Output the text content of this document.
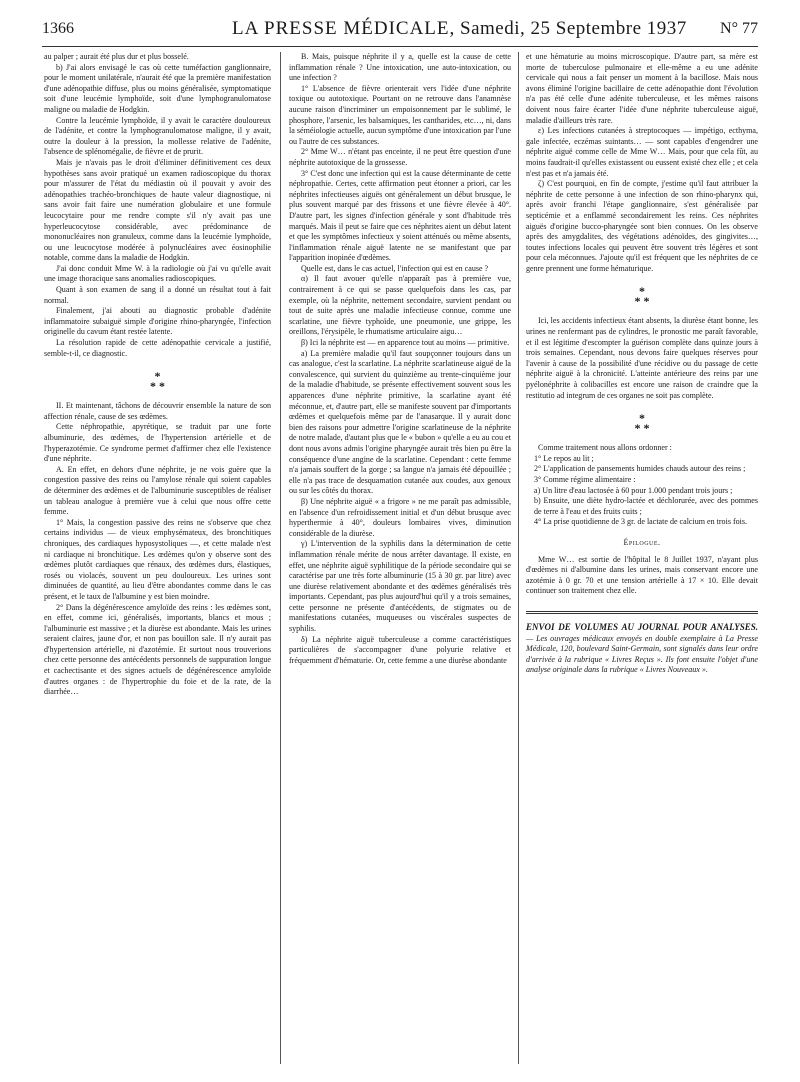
1366	LA PRESSE MÉDICALE, Samedi, 25 Septembre 1937 N° 77

au palper ; aurait été plus dur et plus bosselé.

b) J'ai alors envisagé le cas où cette tuméfaction ganglionnaire, pour le moment unilatérale, n'aurait été que la première manifestation d'une adénopathie diffuse, plus ou moins généralisée, symptomatique soit d'une leucémie lymphoïde, soit d'une lymphogranulomatose maligne ou maladie de Hodgkin.

Contre la leucémie lymphoïde, il y avait le caractère douloureux de l'adénite, et contre la lymphogranulomatose maligne, il y avait, outre la douleur à la pression, la mollesse relative de l'adénite, l'absence de splénomégalie, de fièvre et de prurit.

Mais je n'avais pas le droit d'éliminer définitivement ces deux hypothèses sans avoir pratiqué un examen radioscopique du thorax pour m'assurer de l'état du médiastin où il pouvait y avoir des adénopathies trachéo-bronchiques de haute valeur diagnostique, ni sans avoir fait faire une numération globulaire et une formule leucocytaire pour me rendre compte s'il n'y avait pas une hyperleucocytose considérable, avec prédominance de mononucléaires non granuleux, comme dans la leucémie lymphoïde, ou une leucocytose modérée à polynucléaires avec éosinophilie notable, comme dans la maladie de Hodgkin.

J'ai donc conduit Mme W. à la radiologie où j'ai vu qu'elle avait une image thoracique sans anomalies radioscopiques.

Quant à son examen de sang il a donné un résultat tout à fait normal.

Finalement, j'ai abouti au diagnostic probable d'adénite inflammatoire subaiguë simple d'origine rhino-pharyngée, l'infection originelle du cavum étant restée latente.

La résolution rapide de cette adénopathie cervicale a justifié, semble-t-il, ce diagnostic.

*
* *

II. Et maintenant, tâchons de découvrir ensemble la nature de son affection rénale, cause de ses œdèmes.

Cette néphropathie, apyrétique, se traduit par une forte albuminurie, des œdèmes, de l'hypertension artérielle et de l'hyperazotémie. Ce syndrome permet d'affirmer chez elle l'existence d'une néphrite.

A. En effet, en dehors d'une néphrite, je ne vois guère que la congestion passive des reins ou l'amylose rénale qui soient capables de déterminer des œdèmes et de l'albuminurie susceptibles de réaliser un tableau analogue à première vue à celui que nous offre cette femme.

1° Mais, la congestion passive des reins ne s'observe que chez certains individus — de vieux emphysémateux, des bronchitiques chroniques, des cardiaques hyposystoliques —, et cette malade n'est ni cardiaque ni bronchitique. Les œdèmes qu'on y observe sont des œdèmes plutôt cardiaques que rénaux, des œdèmes durs, élastiques, rosés ou violacés, souvent un peu douloureux. Les urines sont diminuées de quantité, au lieu d'être abondantes comme dans le cas présent, et le taux de l'albumine y est bien moindre.

2° Dans la dégénérescence amyloïde des reins : les œdèmes sont, en effet, comme ici, généralisés, importants, blancs et mous ; l'albuminurie est massive ; et la diurèse est abondante. Mais les urines seraient claires, jaune d'or, et non pas bouillon sale. Il n'y aurait pas d'hypertension artérielle, ni d'azotémie. Et surtout nous trouverions chez cette personne des antécédents personnels de suppuration longue et cachectisante et des signes actuels de dégénérescence amyloïde d'autres organes : de l'hypertrophie du foie et de la rate, de la diarrhée…

B. Mais, puisque néphrite il y a, quelle est la cause de cette inflammation rénale ? Une intoxication, une auto-intoxication, ou une infection ?

1° L'absence de fièvre orienterait vers l'idée d'une néphrite toxique ou autotoxique. Pourtant on ne retrouve dans l'anamnèse aucune raison d'incriminer un empoisonnement par le sublimé, le phosphore, l'arsenic, les balsamiques, les cantharides, etc…, ni, dans la séméiologie actuelle, aucun symptôme d'une intoxication par l'une ou l'autre de ces substances.

2° Mme W… n'étant pas enceinte, il ne peut être question d'une néphrite autotoxique de la grossesse.

3° C'est donc une infection qui est la cause déterminante de cette néphropathie. Certes, cette affirmation peut étonner a priori, car les néphrites infectieuses aiguës ont généralement un début brusque, le plus souvent marqué par des frissons et une fièvre élevée à 40°. D'autre part, les signes d'infection générale y sont d'habitude très marqués. Mais il peut se faire que ces néphrites aient un début latent et que les symptômes infectieux y soient atténués ou même absents, l'inflammation rénale aiguë latente ne se manifestant que par l'apparition inopinée d'œdèmes.

Quelle est, dans le cas actuel, l'infection qui est en cause ?

α) Il faut avouer qu'elle n'apparaît pas à première vue, contrairement à ce qui se passe quelquefois dans les cas, par exemple, où la néphrite, nettement secondaire, survient pendant ou tout de suite après une maladie infectieuse connue, comme une scarlatine, une fièvre typhoïde, une pneumonie, une grippe, les oreillons, l'érysipèle, le rhumatisme articulaire aigu…

β) Ici la néphrite est — en apparence tout au moins — primitive.

a) La première maladie qu'il faut soupçonner toujours dans un cas analogue, c'est la scarlatine. La néphrite scarlatineuse aiguë de la convalescence, qui survient du quinzième au trente-cinquième jour de la maladie d'habitude, se présente effectivement souvent sous les apparences d'une néphrite primitive, la scarlatine ayant été méconnue, et, d'autre part, elle se manifeste souvent par d'importants œdèmes et quelquefois même par de l'anasarque. Il y aurait donc bien des raisons pour admettre l'origine scarlatineuse de la néphrite de notre malade, d'autant plus que le « bubon » qu'elle a eu au cou et dont nous avons admis l'origine pharyngée aurait très bien pu être la conséquence d'une angine de la scarlatine. Cependant : cette femme n'a jamais souffert de la gorge ; sa langue n'a jamais été dépouillée ; elle n'a pas trace de desquamation cutanée aux coudes, aux genoux ou sur les côtés du thorax.

β) Une néphrite aiguë « a frigore » ne me paraît pas admissible, en l'absence d'un refroidissement initial et d'un début brusque avec hyperthermie à 40°, douleurs lombaires vives, diminution considérable de la diurèse.

γ) L'intervention de la syphilis dans la détermination de cette inflammation rénale mérite de nous arrêter davantage. Il existe, en effet, une néphrite aiguë syphilitique de la période secondaire qui se caractérise par une très forte albuminurie (15 à 30 gr. par litre) avec une diurèse relativement abondante et des œdèmes généralisés très importants. Cependant, pas plus aujourd'hui qu'il y a trois semaines, cette personne ne présente d'antécédents, de stigmates ou de manifestations cutanées, muqueuses ou viscérales suspectes de syphilis.

δ) La néphrite aiguë tuberculeuse a comme caractéristiques particulières de s'accompagner d'une polyurie relative et fréquemment d'hématurie. Or, cette femme a une diurèse abondante

et une hématurie au moins microscopique. D'autre part, sa mère est morte de tuberculose pulmonaire et elle-même a eu une adénite cervicale qui nous a fait penser un moment à la bacillose. Mais nous avons éliminé l'origine bacillaire de cette adénopathie dont l'évolution n'a pas été celle d'une adénite tuberculeuse, et les mêmes raisons doivent nous faire écarter l'idée d'une néphrite tuberculeuse aiguë, maladie d'ailleurs très rare.

ε) Les infections cutanées à streptocoques — impétigo, ecthyma, gale infectée, eczémas suintants… — sont capables d'engendrer une néphrite aiguë comme celle de Mme W… Mais, pour que cela fût, au moins faudrait-il qu'elles existassent ou eussent existé chez elle ; et cela n'est pas et n'a jamais été.

ζ) C'est pourquoi, en fin de compte, j'estime qu'il faut attribuer la néphrite de cette personne à une infection de son rhino-pharynx qui, après avoir franchi l'étape ganglionnaire, s'est généralisée par septicémie et a enflammé secondairement les reins. Ces néphrites aiguës d'origine bucco-pharyngée sont bien connues. On les observe après des amygdalites, des végétations adénoïdes, des gingivites…, toutes infections locales qui peuvent être souvent très légères et sont pour cela méconnues. J'ajoute qu'il est fréquent que les néphrites de ce genre prennent une forme hématurique.

*
* *

Ici, les accidents infectieux étant absents, la diurèse étant bonne, les urines ne renfermant pas de cylindres, le pronostic me paraît favorable, et il est légitime d'escompter la guérison complète dans quinze jours à trois semaines. Cependant, nous devons faire quelques réserves pour l'avenir à cause de la possibilité d'une récidive ou du passage de cette néphrite aiguë à la chronicité. L'atteinte antérieure des reins par une pyélonéphrite à colibacilles est encore une raison de craindre que la restitutio ad integrum de ces organes ne soit pas complète.

*
* *

Comme traitement nous allons ordonner :

1° Le repos au lit ;

2° L'application de pansements humides chauds autour des reins ;

3° Comme régime alimentaire :

a) Un litre d'eau lactosée à 60 pour 1.000 pendant trois jours ;

b) Ensuite, une diète hydro-lactée et déchlorurée, avec des pommes de terre à l'eau et des fruits cuits ;

4° La prise quotidienne de 3 gr. de lactate de calcium en trois fois.

Épilogue.

Mme W… est sortie de l'hôpital le 8 Juillet 1937, n'ayant plus d'œdèmes ni d'albumine dans les urines, mais conservant encore une azotémie à 0 gr. 70 et une tension artérielle à 17 × 10. Elle devait continuer son traitement chez elle.

ENVOI DE VOLUMES AU JOURNAL POUR ANALYSES. — Les ouvrages médicaux envoyés en double exemplaire à La Presse Médicale, 120, boulevard Saint-Germain, sont signalés dans leur ordre d'arrivée à la rubrique « Livres Reçus ». Ils font ensuite l'objet d'une analyse originale dans la rubrique « Livres Nouveaux ».
